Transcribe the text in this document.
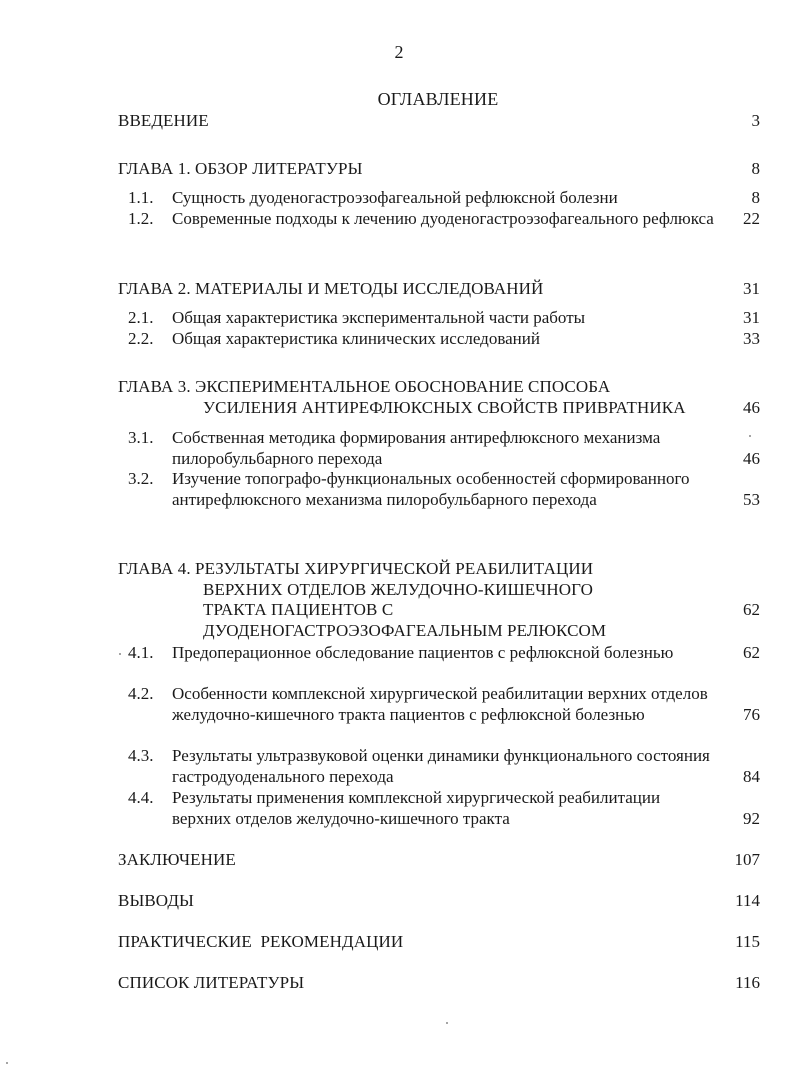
2
ОГЛАВЛЕНИЕ
ВВЕДЕНИЕ	3
ГЛАВА 1. ОБЗОР ЛИТЕРАТУРЫ	8
1.1. Сущность дуоденогастроэзофагеальной рефлюксной болезни	8
1.2. Современные подходы к лечению дуоденогастроэзофагеального рефлюкса 22
ГЛАВА 2. МАТЕРИАЛЫ И МЕТОДЫ ИССЛЕДОВАНИЙ	31
2.1. Общая характеристика экспериментальной части работы	31
2.2. Общая характеристика клинических исследований	33
ГЛАВА 3. ЭКСПЕРИМЕНТАЛЬНОЕ ОБОСНОВАНИЕ СПОСОБА
УСИЛЕНИЯ АНТИРЕФЛЮКСНЫХ СВОЙСТВ ПРИВРАТНИКА	46
3.1. Собственная методика формирования антирефлюксного механизма пилоробульбарного перехода	46
3.2. Изучение топографо-функциональных особенностей сформированного антирефлюксного механизма пилоробульбарного перехода	53
ГЛАВА 4. РЕЗУЛЬТАТЫ ХИРУРГИЧЕСКОЙ РЕАБИЛИТАЦИИ
ВЕРХНИХ ОТДЕЛОВ ЖЕЛУДОЧНО-КИШЕЧНОГО
ТРАКТА ПАЦИЕНТОВ С
ДУОДЕНОГАСТРОЭЗОФАГЕАЛЬНЫМ РЕЛЮКСОМ
62
4.1. Предоперационное обследование пациентов с рефлюксной болезнью	62
4.2. Особенности комплексной хирургической реабилитации верхних отделов желудочно-кишечного тракта пациентов с рефлюксной болезнью	76
4.3. Результаты ультразвуковой оценки динамики функционального состояния гастродуоденального перехода	84
4.4. Результаты применения комплексной хирургической реабилитации верхних отделов желудочно-кишечного тракта	92
ЗАКЛЮЧЕНИЕ	107
ВЫВОДЫ	114
ПРАКТИЧЕСКИЕ  РЕКОМЕНДАЦИИ	115
СПИСОК ЛИТЕРАТУРЫ	116
